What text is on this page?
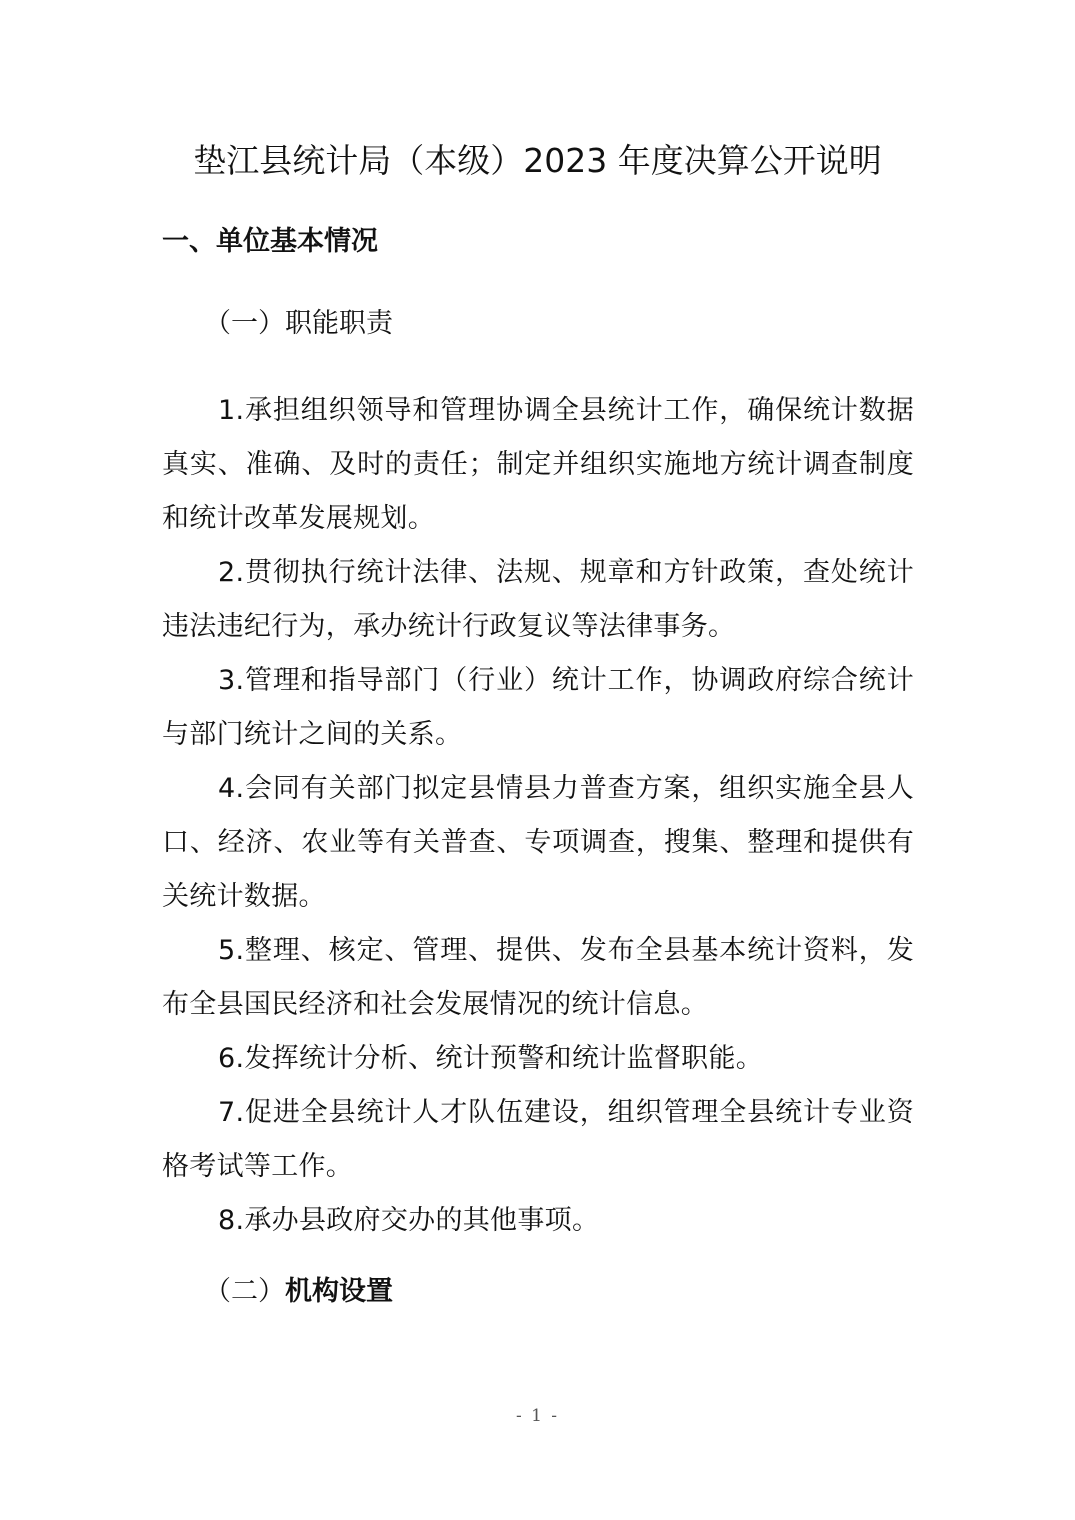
垫江县统计局（本级）2023 年度决算公开说明
一、单位基本情况
（一）职能职责

1.承担组织领导和管理协调全县统计工作，确保统计数据真实、准确、及时的责任；制定并组织实施地方统计调查制度和统计改革发展规划。

2.贯彻执行统计法律、法规、规章和方针政策，查处统计违法违纪行为，承办统计行政复议等法律事务。

3.管理和指导部门（行业）统计工作，协调政府综合统计与部门统计之间的关系。

4.会同有关部门拟定县情县力普查方案，组织实施全县人口、经济、农业等有关普查、专项调查，搜集、整理和提供有关统计数据。

5.整理、核定、管理、提供、发布全县基本统计资料，发布全县国民经济和社会发展情况的统计信息。

6.发挥统计分析、统计预警和统计监督职能。

7.促进全县统计人才队伍建设，组织管理全县统计专业资格考试等工作。

8.承办县政府交办的其他事项。

（二）机构设置
- 1 -
